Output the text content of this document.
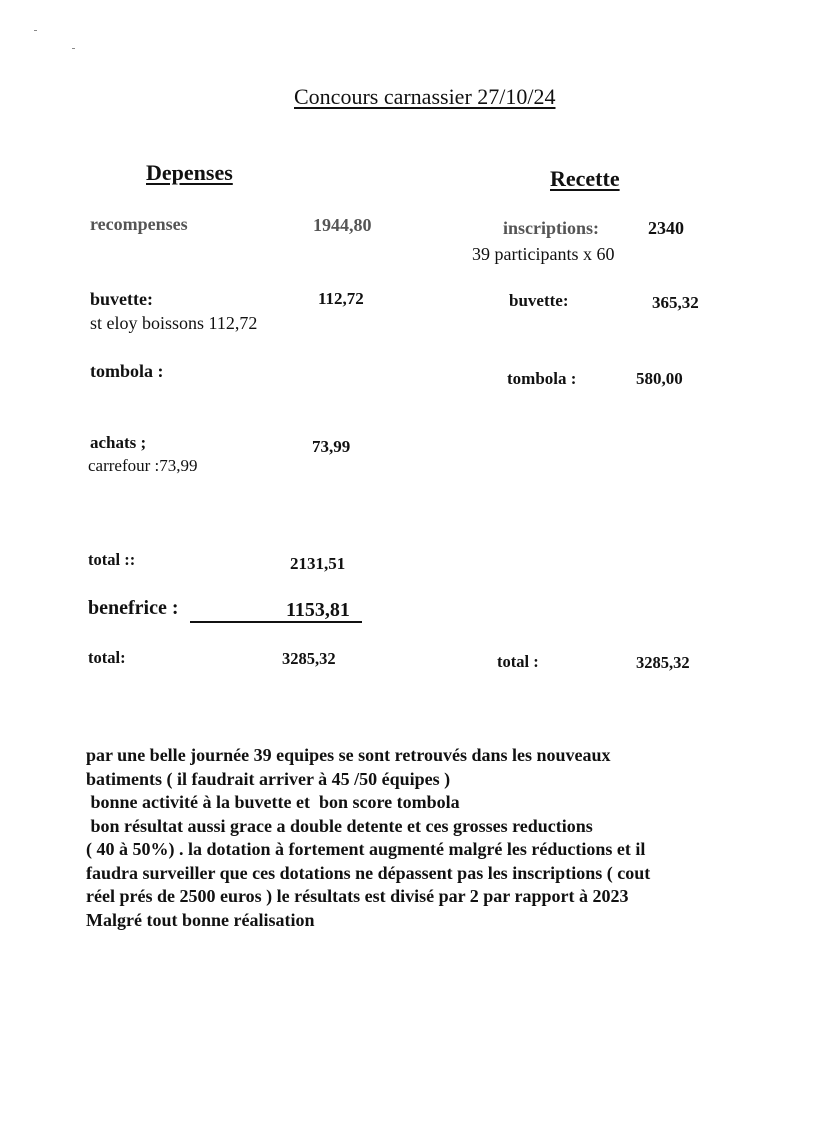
Concours carnassier 27/10/24
Depenses
recompenses	1944,80
buvette:	112,72
st eloy boissons 112,72
tombola :
achats ;	73,99
carrefour :73,99
total ::	2131,51
benefrice :	1153,81
total:	3285,32
Recette
inscriptions:	2340
39 participants x 60
buvette:	365,32
tombola :	580,00
total :	3285,32

par une belle journée 39 equipes se sont retrouvés dans les nouveaux

batiments ( il faudrait arriver à 45 /50 équipes )

bonne activité à la buvette et  bon score tombola

bon résultat aussi grace a double detente et ces grosses reductions

( 40 à 50%) . la dotation à fortement augmenté malgré les réductions et il

faudra surveiller que ces dotations ne dépassent pas les inscriptions ( cout

réel prés de 2500 euros ) le résultats est divisé par 2 par rapport à 2023

Malgré tout bonne réalisation
